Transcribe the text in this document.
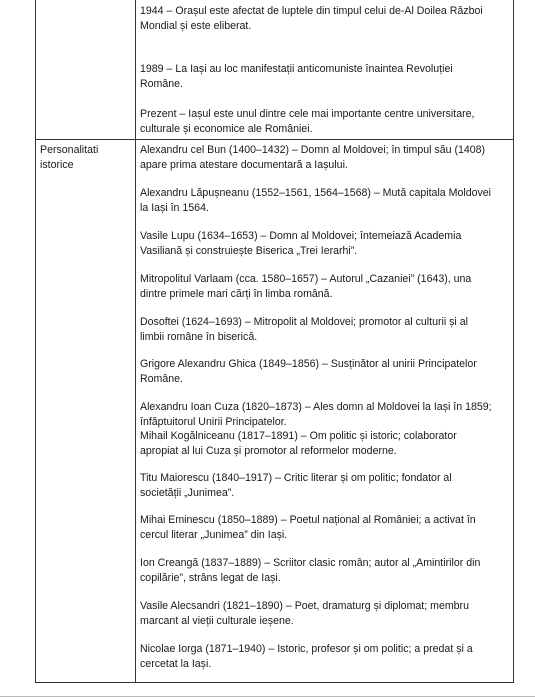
1944 – Orașul este afectat de luptele din timpul celui de-Al Doilea Război
Mondial și este eliberat.

1989 – La Iași au loc manifestații anticomuniste înaintea Revoluției
Române.

Prezent – Iașul este unul dintre cele mai importante centre universitare,
culturale și economice ale României.

Personalitati
istorice

Alexandru cel Bun (1400–1432) – Domn al Moldovei; în timpul său (1408)
apare prima atestare documentară a Iașului.

Alexandru Lăpușneanu (1552–1561, 1564–1568) – Mută capitala Moldovei
la Iași în 1564.

Vasile Lupu (1634–1653) – Domn al Moldovei; întemeiază Academia
Vasiliană și construiește Biserica „Trei Ierarhi”.

Mitropolitul Varlaam (cca. 1580–1657) – Autorul „Cazaniei” (1643), una
dintre primele mari cărți în limba română.

Dosoftei (1624–1693) – Mitropolit al Moldovei; promotor al culturii și al
limbii române în biserică.

Grigore Alexandru Ghica (1849–1856) – Susținător al unirii Principatelor
Române.

Alexandru Ioan Cuza (1820–1873) – Ales domn al Moldovei la Iași în 1859;
înfăptuitorul Unirii Principatelor.

Mihail Kogălniceanu (1817–1891) – Om politic și istoric; colaborator
apropiat al lui Cuza și promotor al reformelor moderne.

Titu Maiorescu (1840–1917) – Critic literar și om politic; fondator al
societății „Junimea”.

Mihai Eminescu (1850–1889) – Poetul național al României; a activat în
cercul literar „Junimea” din Iași.

Ion Creangă (1837–1889) – Scriitor clasic român; autor al „Amintirilor din
copilărie”, strâns legat de Iași.

Vasile Alecsandri (1821–1890) – Poet, dramaturg și diplomat; membru
marcant al vieții culturale ieșene.

Nicolae Iorga (1871–1940) – Istoric, profesor și om politic; a predat și a
cercetat la Iași.
